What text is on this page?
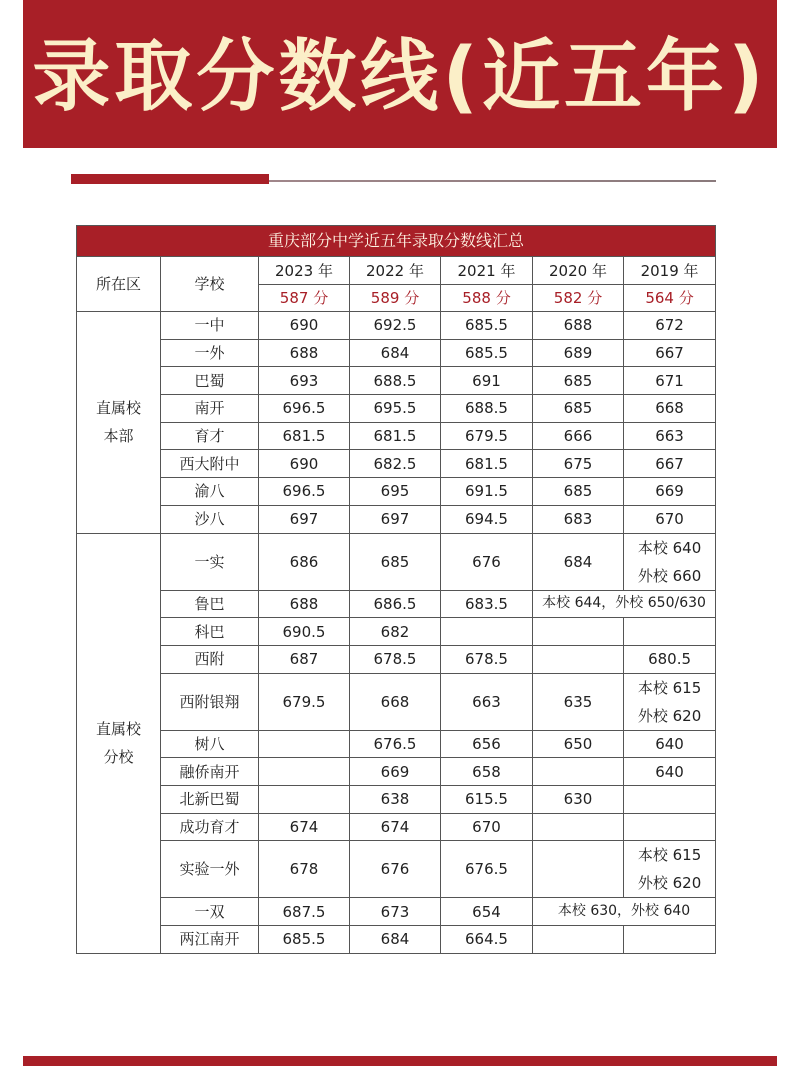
录取分数线(近五年)
重庆部分中学近五年录取分数线汇总						
所在区	学校	2023 年	2022 年	2021 年	2020 年	2019 年
		587 分	589 分	588 分	582 分	564 分

直属校
本部	一中	690	692.5	685.5	688	672
	一外	688	684	685.5	689	667
	巴蜀	693	688.5	691	685	671
	南开	696.5	695.5	688.5	685	668
	育才	681.5	681.5	679.5	666	663
	西大附中	690	682.5	681.5	675	667
	渝八	696.5	695	691.5	685	669
	沙八	697	697	694.5	683	670

直属校
分校	一实	686	685	676	684	本校 640
外校 660

	鲁巴	688	686.5	683.5	本校 644，外校 650/630	
	科巴	690.5	682			
	西附	687	678.5	678.5		680.5
	西附银翔	679.5	668	663	635	本校 615
外校 620

	树八		676.5	656	650	640
	融侨南开		669	658		640
	北新巴蜀		638	615.5	630	
	成功育才	674	674	670		
	实验一外	678	676	676.5		本校 615
外校 620

	一双	687.5	673	654	本校 630，外校 640	
	两江南开	685.5	684	664.5		
